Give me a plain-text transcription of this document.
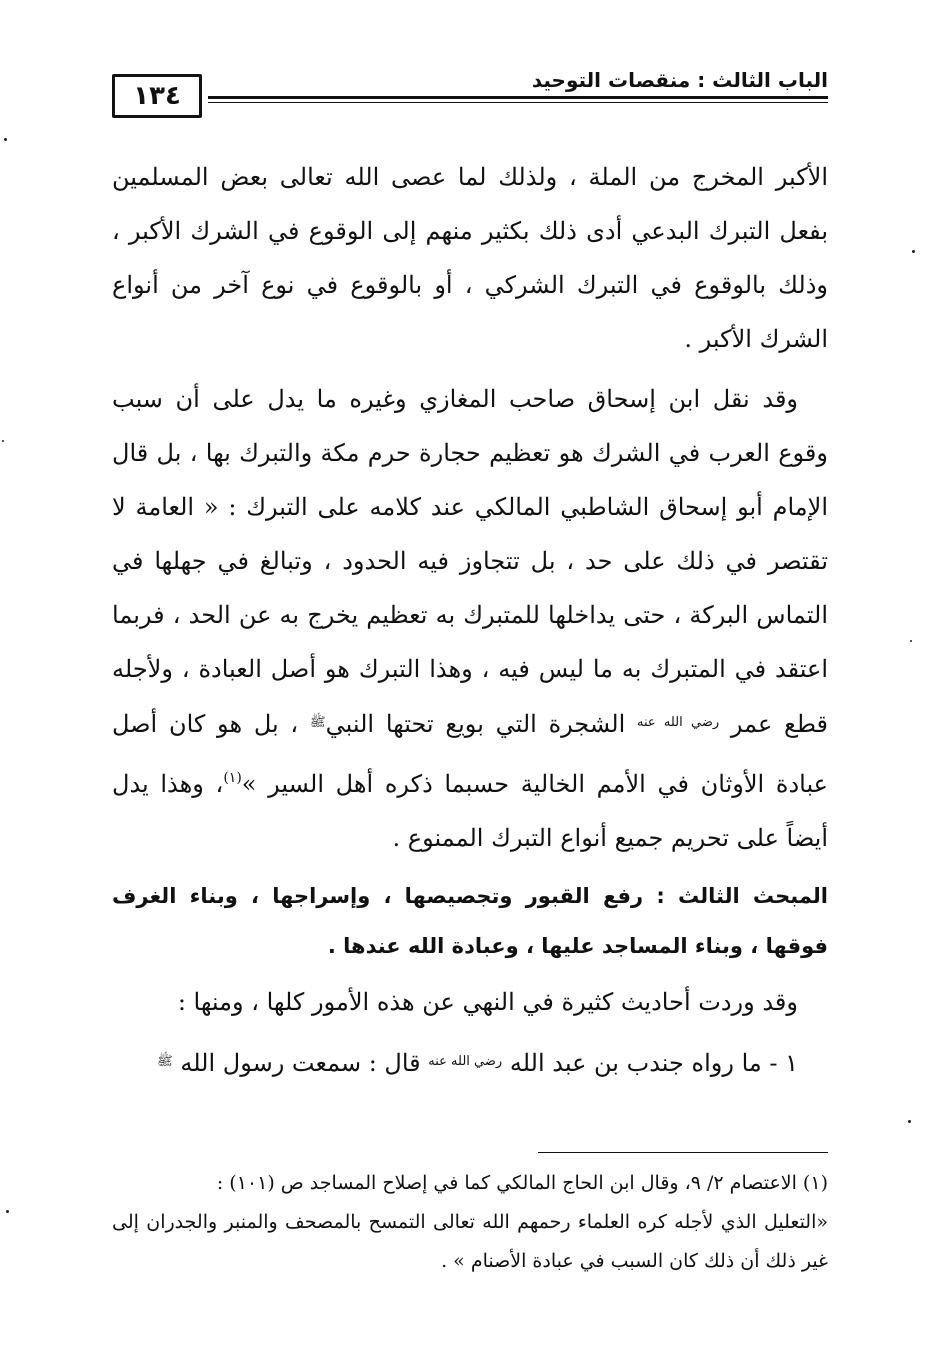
الباب الثالث : منقصات التوحيد
١٣٤

الأكبر المخرج من الملة ، ولذلك لما عصى الله تعالى بعض المسلمين بفعل التبرك البدعي أدى ذلك بكثير منهم إلى الوقوع في الشرك الأكبر ، وذلك بالوقوع في التبرك الشركي ، أو بالوقوع في نوع آخر من أنواع الشرك الأكبر .

وقد نقل ابن إسحاق صاحب المغازي وغيره ما يدل على أن سبب وقوع العرب في الشرك هو تعظيم حجارة حرم مكة والتبرك بها ، بل قال الإمام أبو إسحاق الشاطبي المالكي عند كلامه على التبرك : « العامة لا تقتصر في ذلك على حد ، بل تتجاوز فيه الحدود ، وتبالغ في جهلها في التماس البركة ، حتى يداخلها للمتبرك به تعظيم يخرج به عن الحد ، فربما اعتقد في المتبرك به ما ليس فيه ، وهذا التبرك هو أصل العبادة ، ولأجله قطع عمر $^{رضي الله عنه}$ الشجرة التي بويع تحتها النبي$^ﷺ$ ، بل هو كان أصل عبادة الأوثان في الأمم الخالية حسبما ذكره أهل السير »$^{(١)}$، وهذا يدل أيضاً على تحريم جميع أنواع التبرك الممنوع .

المبحث الثالث : رفع القبور وتجصيصها ، وإسراجها ، وبناء الغرف فوقها ، وبناء المساجد عليها ، وعبادة الله عندها .

وقد وردت أحاديث كثيرة في النهي عن هذه الأمور كلها ، ومنها :

١ - ما رواه جندب بن عبد الله $^{رضي الله عنه}$ قال : سمعت رسول الله $^ﷺ$

(١) الاعتصام ٢/ ٩، وقال ابن الحاج المالكي كما في إصلاح المساجد ص (١٠١) :

«التعليل الذي لأجله كره العلماء رحمهم الله تعالى التمسح بالمصحف والمنبر والجدران إلى غير ذلك أن ذلك كان السبب في عبادة الأصنام » .
